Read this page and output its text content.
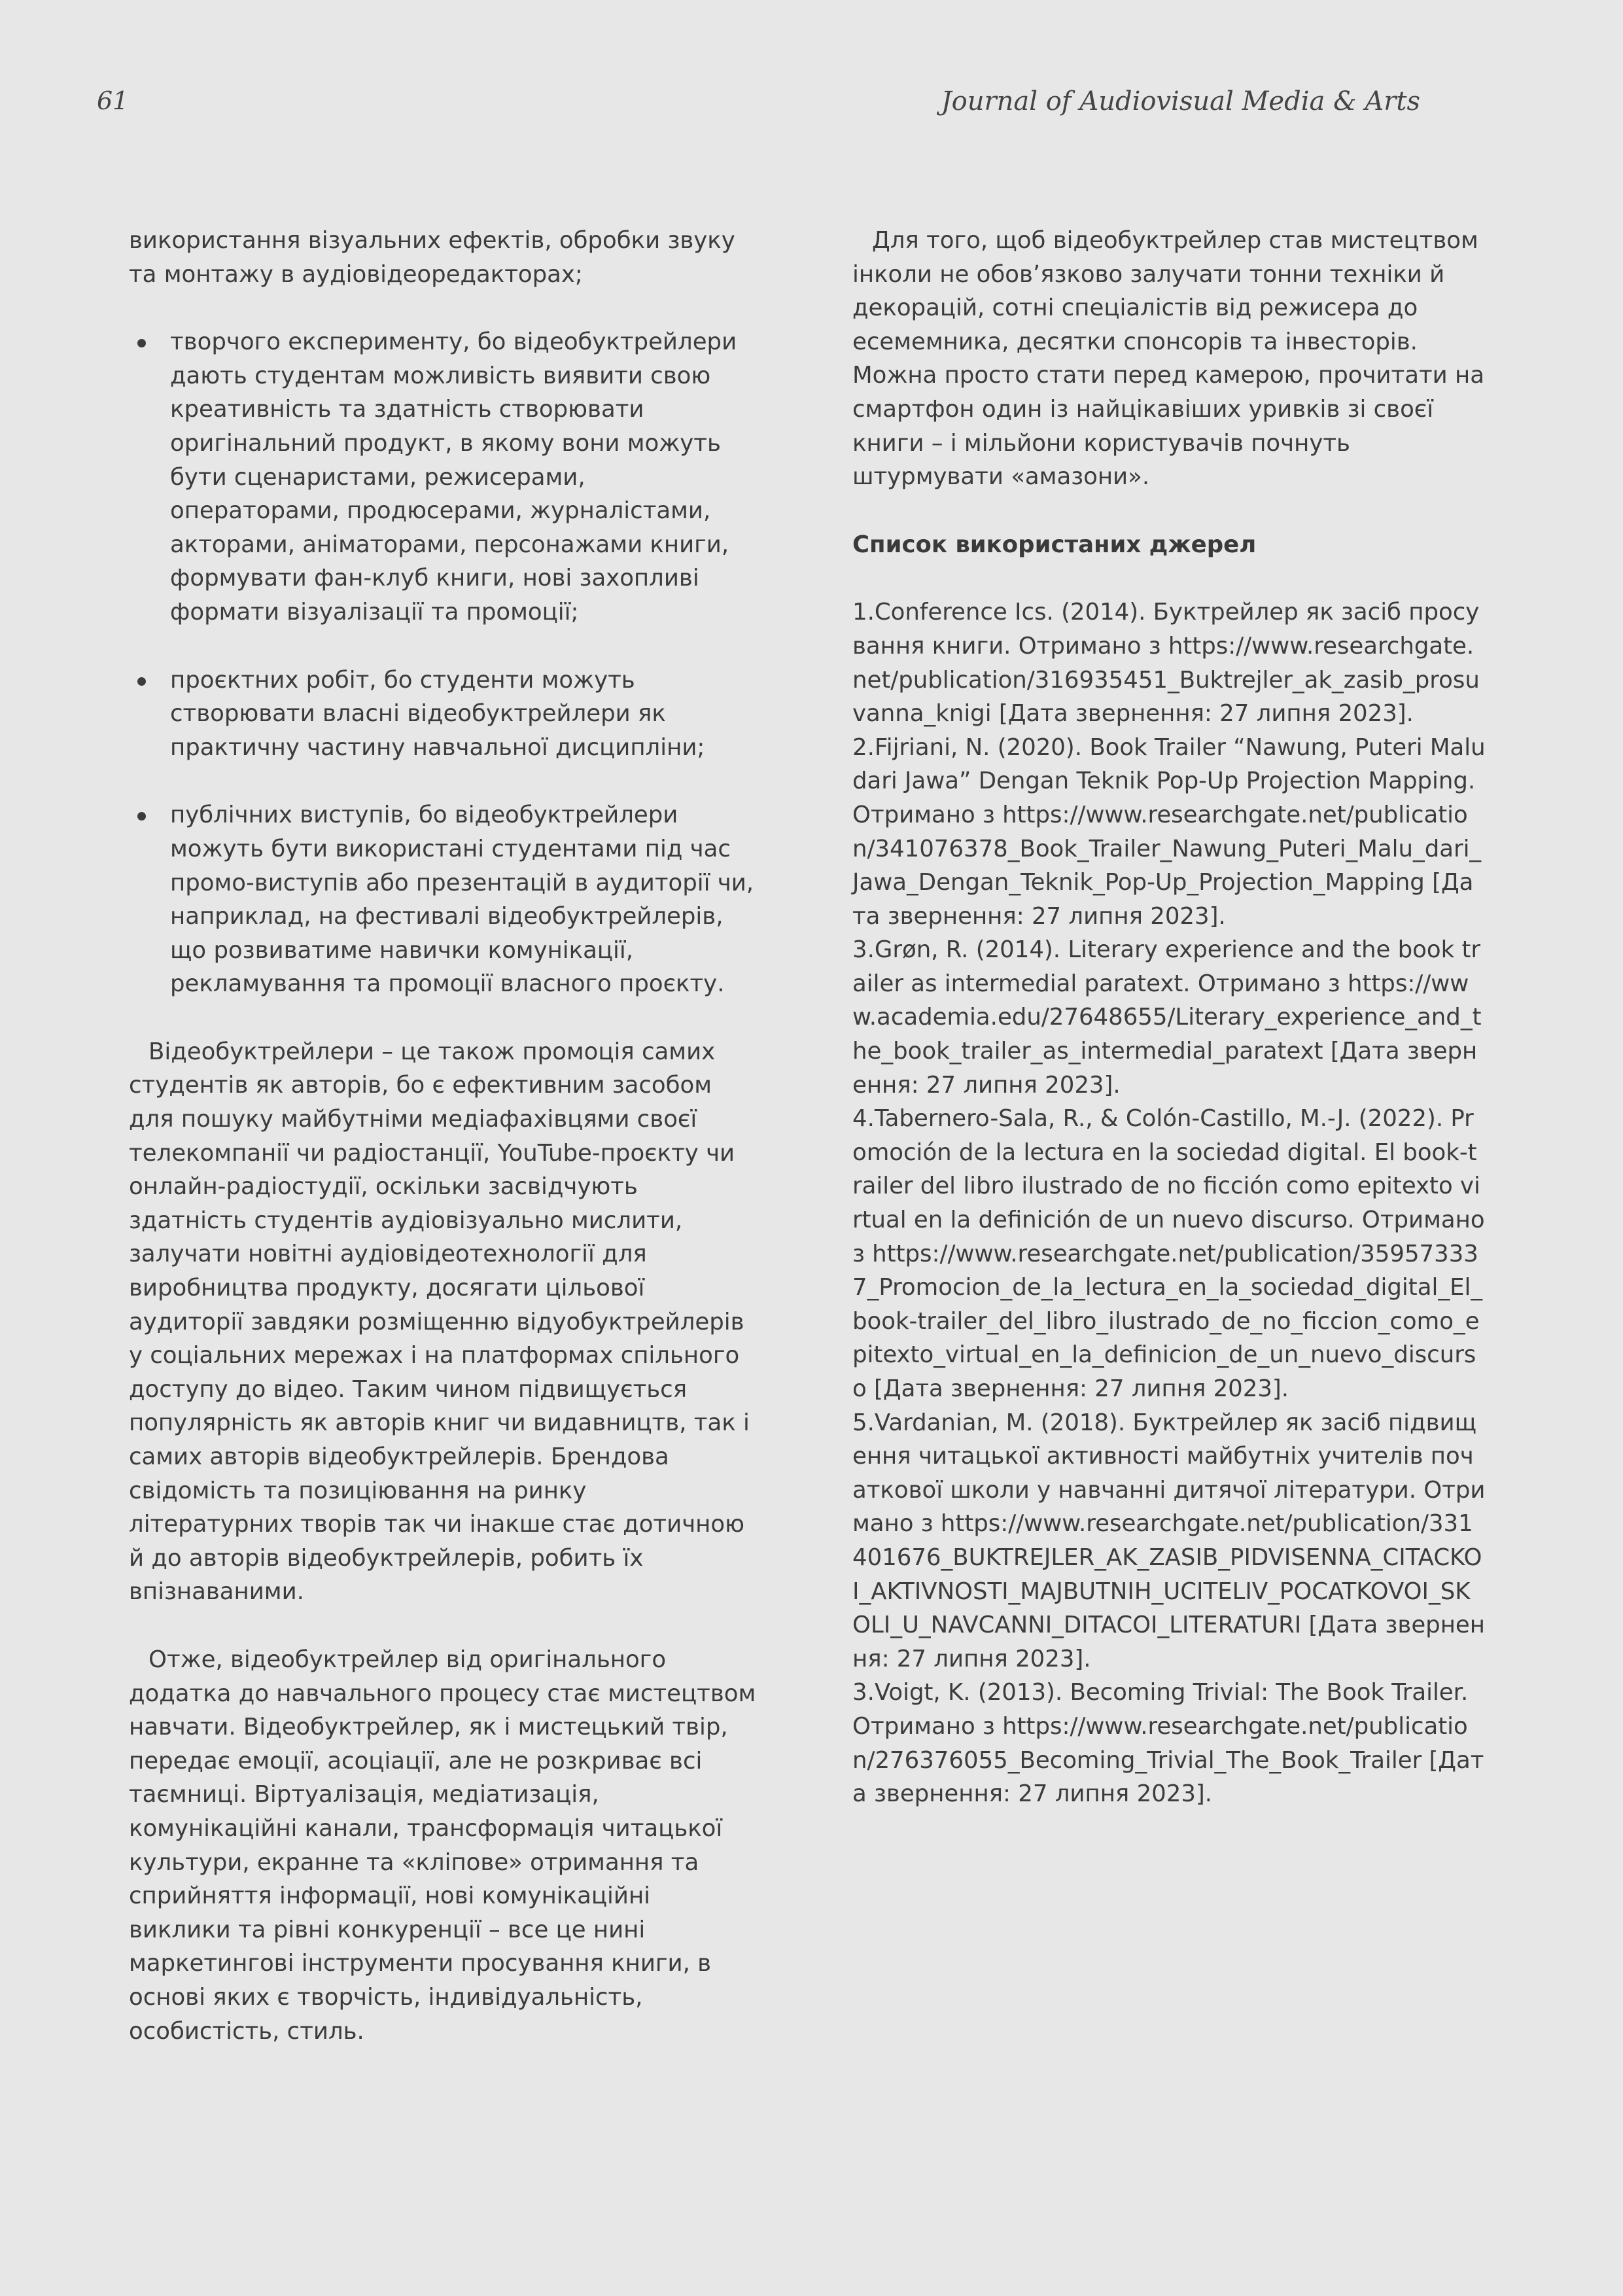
61	Journal of Audiovisual Media & Arts

використання візуальних ефектів, обробки звуку та монтажу в аудіовідеоредакторах;

творчого експерименту, бо відеобуктрейлери дають студентам можливість виявити свою креативність та здатність створювати оригінальний продукт, в якому вони можуть бути сценаристами, режисерами, операторами, продюсерами, журналістами, акторами, аніматорами, персонажами книги, формувати фан-клуб книги, нові захопливі формати візуалізації та промоції;
проєктних робіт, бо студенти можуть створювати власні відеобуктрейлери як практичну частину навчальної дисципліни;
публічних виступів, бо відеобуктрейлери можуть бути використані студентами під час промо-виступів або презентацій в аудиторії чи, наприклад, на фестивалі відеобуктрейлерів, що розвиватиме навички комунікації, рекламування та промоції власного проєкту.

Відеобуктрейлери – це також промоція самих студентів як авторів, бо є ефективним засобом для пошуку майбутніми медіафахівцями своєї телекомпанії чи радіостанції, YouTube-проєкту чи онлайн-радіостудії, оскільки засвідчують здатність студентів аудіовізуально мислити, залучати новітні аудіовідеотехнології для виробництва продукту, досягати цільової аудиторії завдяки розміщенню відуобуктрейлерів у соціальних мережах і на платформах спільного доступу до відео. Таким чином підвищується популярність як авторів книг чи видавництв, так і самих авторів відеобуктрейлерів. Брендова свідомість та позиціювання на ринку літературних творів так чи інакше стає дотичною й до авторів відеобуктрейлерів, робить їх впізнаваними.

Отже, відеобуктрейлер від оригінального додатка до навчального процесу стає мистецтвом навчати. Відеобуктрейлер, як і мистецький твір, передає емоції, асоціації, але не розкриває всі таємниці. Віртуалізація, медіатизація, комунікаційні канали, трансформація читацької культури, екранне та «кліпове» отримання та сприйняття інформації, нові комунікаційні виклики та рівні конкуренції – все це нині маркетингові інструменти просування книги, в основі яких є творчість, індивідуальність, особистість, стиль.

Для того, щоб відеобуктрейлер став мистецтвом інколи не обов’язково залучати тонни техніки й декорацій, сотні спеціалістів від режисера до есемемника, десятки спонсорів та інвесторів. Можна просто стати перед камерою, прочитати на смартфон один із найцікавіших уривків зі своєї книги – і мільйони користувачів почнуть штурмувати «амазони».

Список використаних джерел

1.Conference Ics. (2014). Буктрейлер як засіб просування книги. Отримано з https://www.researchgate.net/publication/316935451_Buktrejler_ak_zasib_prosuvanna_knigi [Дата звернення: 27 липня 2023].

2.Fijriani, N. (2020). Book Trailer “Nawung, Puteri Malu dari Jawa” Dengan Teknik Pop-Up Projection Mapping. Отримано з https://www.researchgate.net/publication/341076378_Book_Trailer_Nawung_Puteri_Malu_dari_Jawa_Dengan_Teknik_Pop-Up_Projection_Mapping [Дата звернення: 27 липня 2023].

3.Grøn, R. (2014). Literary experience and the book trailer as intermedial paratext. Отримано з https://www.academia.edu/27648655/Literary_experience_and_the_book_trailer_as_intermedial_paratext [Дата звернення: 27 липня 2023].

4.Tabernero-Sala, R., & Colón-Castillo, M.-J. (2022). Promoción de la lectura en la sociedad digital. El book-trailer del libro ilustrado de no ficción como epitexto virtual en la definición de un nuevo discurso. Отримано з https://www.researchgate.net/publication/359573337_Promocion_de_la_lectura_en_la_sociedad_digital_El_book-trailer_del_libro_ilustrado_de_no_ficcion_como_epitexto_virtual_en_la_definicion_de_un_nuevo_discurso [Дата звернення: 27 липня 2023].

5.Vardanian, M. (2018). Буктрейлер як засіб підвищення читацької активності майбутніх учителів початкової школи у навчанні дитячої літератури. Отримано з https://www.researchgate.net/publication/331401676_BUKTREJLER_AK_ZASIB_PIDVISENNA_CITACKOI_AKTIVNOSTI_MAJBUTNIH_UCITELIV_POCATKOVOI_SKOLI_U_NAVCANNI_DITACOI_LITERATURI [Дата звернення: 27 липня 2023].

3.Voigt, K. (2013). Becoming Trivial: The Book Trailer. Отримано з https://www.researchgate.net/publication/276376055_Becoming_Trivial_The_Book_Trailer [Дата звернення: 27 липня 2023].
